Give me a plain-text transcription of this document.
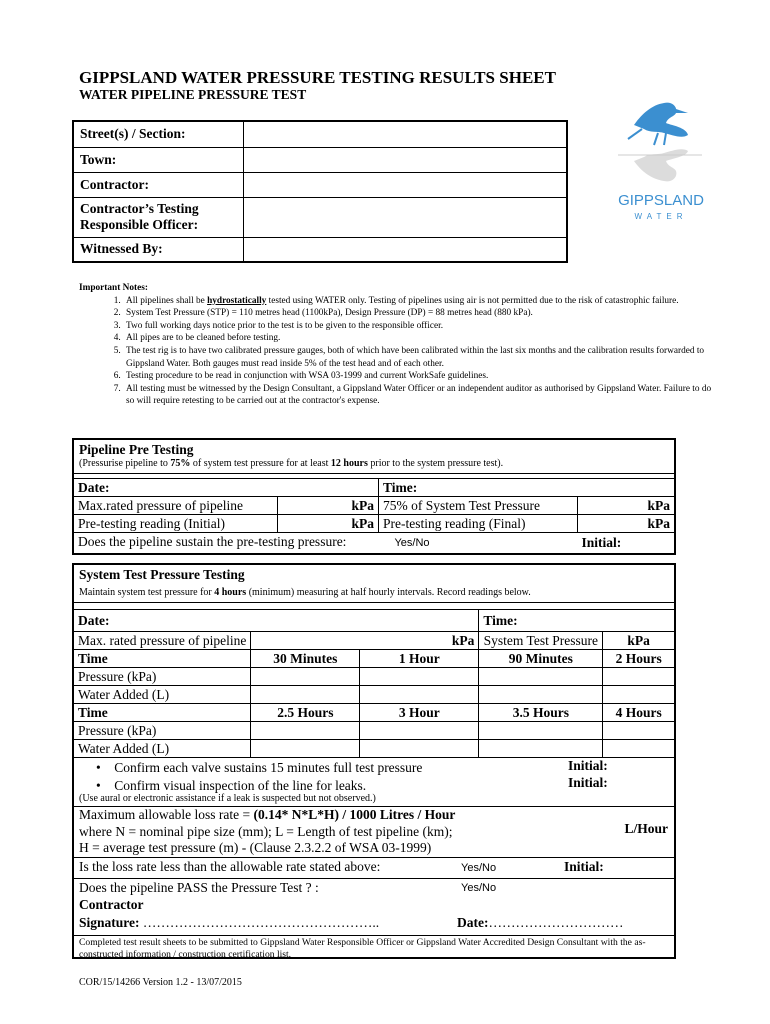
GIPPSLAND WATER PRESSURE TESTING RESULTS SHEET
WATER PIPELINE PRESSURE TEST
GIPPSLAND
WATER
Street(s) / Section:	
Town:	
Contractor:	
Contractor’s Testing Responsible Officer:	
Witnessed By:	
Important Notes:
1. All pipelines shall be hydrostatically tested using WATER only. Testing of pipelines using air is not permitted due to the risk of catastrophic failure.
2. System Test Pressure (STP) = 110 metres head (1100kPa), Design Pressure (DP) = 88 metres head (880 kPa).
3. Two full working days notice prior to the test is to be given to the responsible officer.
4. All pipes are to be cleaned before testing.
5. The test rig is to have two calibrated pressure gauges, both of which have been calibrated within the last six months and the calibration results forwarded to Gippsland Water. Both gauges must read inside 5% of the test head and of each other.
6. Testing procedure to be read in conjunction with WSA 03-1999 and current WorkSafe guidelines.
7. All testing must be witnessed by the Design Consultant, a Gippsland Water Officer or an independent auditor as authorised by Gippsland Water. Failure to do so will require retesting to be carried out at the contractor's expense.
Pipeline Pre Testing
(Pressurise pipeline to 75% of system test pressure for at least 12 hours prior to the system pressure test).
Date:		Time:	
Max.rated pressure of pipeline	kPa	75% of System Test Pressure	kPa
Pre-testing reading (Initial)	kPa	Pre-testing reading (Final)	kPa
Does the pipeline sustain the pre-testing pressure: Yes/No			Initial:
System Test Pressure Testing
Maintain system test pressure for 4 hours (minimum) measuring at half hourly intervals. Record readings below.
Date:			Time:	
Max. rated pressure of pipeline	kPa		System Test Pressure	kPa
Time	30 Minutes	1 Hour	90 Minutes	2 Hours
Pressure (kPa)				
Water Added (L)				
Time	2.5 Hours	3 Hour	3.5 Hours	4 Hours
Pressure (kPa)				
Water Added (L)				
•    Confirm each valve sustains 15 minutes full test pressure
•    Confirm visual inspection of the line for leaks.
Initial:
Initial:
(Use aural or electronic assistance if a leak is suspected but not observed.)
Maximum allowable loss rate = (0.14* N*L*H) / 1000 Litres / Hour
where N = nominal pipe size (mm); L = Length of test pipeline (km);
H = average test pressure (m) - (Clause 2.3.2.2 of WSA 03-1999)
L/Hour
Is the loss rate less than the allowable rate stated above:	Yes/No	Initial:
Does the pipeline PASS the Pressure Test ? :	Yes/No
Contractor
Signature: ……………………………………………..	Date:…………………………
Completed test result sheets to be submitted to Gippsland Water Responsible Officer or Gippsland Water Accredited Design Consultant with the as-constructed information / construction certification list.
COR/15/14266 Version 1.2 - 13/07/2015
